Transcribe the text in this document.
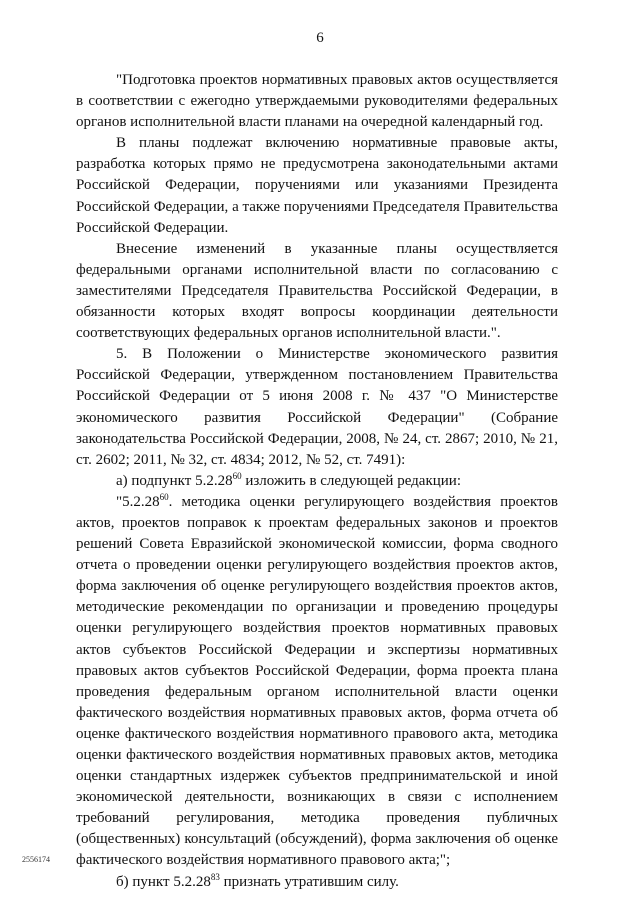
6

"Подготовка проектов нормативных правовых актов осуществляется в соответствии с ежегодно утверждаемыми руководителями федеральных органов исполнительной власти планами на очередной календарный год.

В планы подлежат включению нормативные правовые акты, разработка которых прямо не предусмотрена законодательными актами Российской Федерации, поручениями или указаниями Президента Российской Федерации, а также поручениями Председателя Правительства Российской Федерации.

Внесение изменений в указанные планы осуществляется федеральными органами исполнительной власти по согласованию с заместителями Председателя Правительства Российской Федерации, в обязанности которых входят вопросы координации деятельности соответствующих федеральных органов исполнительной власти.".

5. В Положении о Министерстве экономического развития Российской Федерации, утвержденном постановлением Правительства Российской Федерации от 5 июня 2008 г. № 437 "О Министерстве экономического развития Российской Федерации" (Собрание законодательства Российской Федерации, 2008, № 24, ст. 2867; 2010, № 21, ст. 2602; 2011, № 32, ст. 4834; 2012, № 52, ст. 7491):

а) подпункт 5.2.28$^{60}$ изложить в следующей редакции:

"5.2.28$^{60}$. методика оценки регулирующего воздействия проектов актов, проектов поправок к проектам федеральных законов и проектов решений Совета Евразийской экономической комиссии, форма сводного отчета о проведении оценки регулирующего воздействия проектов актов, форма заключения об оценке регулирующего воздействия проектов актов, методические рекомендации по организации и проведению процедуры оценки регулирующего воздействия проектов нормативных правовых актов субъектов Российской Федерации и экспертизы нормативных правовых актов субъектов Российской Федерации, форма проекта плана проведения федеральным органом исполнительной власти оценки фактического воздействия нормативных правовых актов, форма отчета об оценке фактического воздействия нормативного правового акта, методика оценки фактического воздействия нормативных правовых актов, методика оценки стандартных издержек субъектов предпринимательской и иной экономической деятельности, возникающих в связи с исполнением требований регулирования, методика проведения публичных (общественных) консультаций (обсуждений), форма заключения об оценке фактического воздействия нормативного правового акта;";

б) пункт 5.2.28$^{83}$ признать утратившим силу.

2556174
